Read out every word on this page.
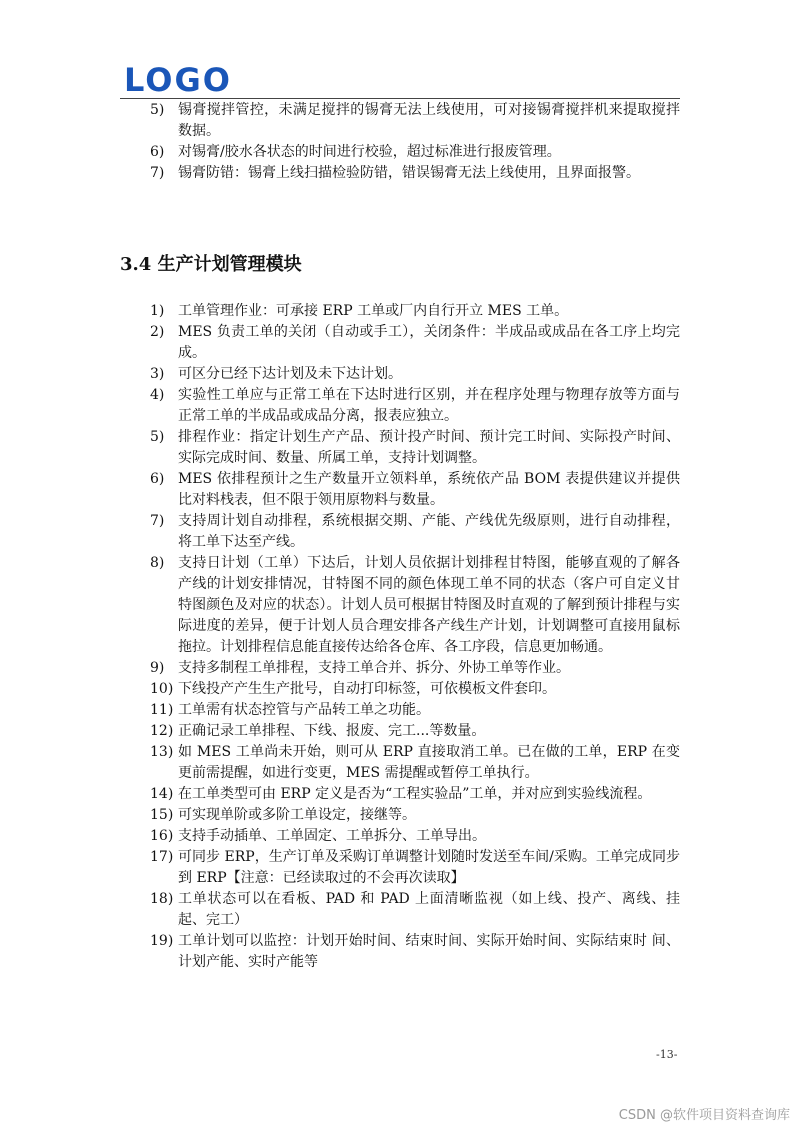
LOGO
5) 锡膏搅拌管控，未满足搅拌的锡膏无法上线使用，可对接锡膏搅拌机来提取搅拌数据。
6) 对锡膏/胶水各状态的时间进行校验，超过标准进行报废管理。
7) 锡膏防错：锡膏上线扫描检验防错，错误锡膏无法上线使用，且界面报警。
3.4 生产计划管理模块
1) 工单管理作业：可承接 ERP 工单或厂内自行开立 MES 工单。
2) MES 负责工单的关闭（自动或手工），关闭条件：半成品或成品在各工序上均完成。
3) 可区分已经下达计划及未下达计划。
4) 实验性工单应与正常工单在下达时进行区别，并在程序处理与物理存放等方面与正常工单的半成品或成品分离，报表应独立。
5) 排程作业：指定计划生产产品、预计投产时间、预计完工时间、实际投产时间、实际完成时间、数量、所属工单，支持计划调整。
6) MES 依排程预计之生产数量开立领料单，系统依产品 BOM 表提供建议并提供比对料栈表，但不限于领用原物料与数量。
7) 支持周计划自动排程，系统根据交期、产能、产线优先级原则，进行自动排程，将工单下达至产线。
8) 支持日计划（工单）下达后，计划人员依据计划排程甘特图，能够直观的了解各产线的计划安排情况，甘特图不同的颜色体现工单不同的状态（客户可自定义甘特图颜色及对应的状态）。计划人员可根据甘特图及时直观的了解到预计排程与实际进度的差异，便于计划人员合理安排各产线生产计划，计划调整可直接用鼠标拖拉。计划排程信息能直接传达给各仓库、各工序段，信息更加畅通。
9) 支持多制程工单排程，支持工单合并、拆分、外协工单等作业。
10) 下线投产产生生产批号，自动打印标签，可依模板文件套印。
11) 工单需有状态控管与产品转工单之功能。
12) 正确记录工单排程、下线、报废、完工...等数量。
13) 如 MES 工单尚未开始，则可从 ERP 直接取消工单。已在做的工单，ERP 在变更前需提醒，如进行变更，MES 需提醒或暂停工单执行。
14) 在工单类型可由 ERP 定义是否为“工程实验品”工单，并对应到实验线流程。
15) 可实现单阶或多阶工单设定，接继等。
16) 支持手动插单、工单固定、工单拆分、工单导出。
17) 可同步 ERP，生产订单及采购订单调整计划随时发送至车间/采购。工单完成同步到 ERP【注意：已经读取过的不会再次读取】
18) 工单状态可以在看板、PAD 和 PAD 上面清晰监视（如上线、投产、离线、挂起、完工）
19) 工单计划可以监控：计划开始时间、结束时间、实际开始时间、实际结束时 间、计划产能、实时产能等
-13-
CSDN @软件项目资料查询库
